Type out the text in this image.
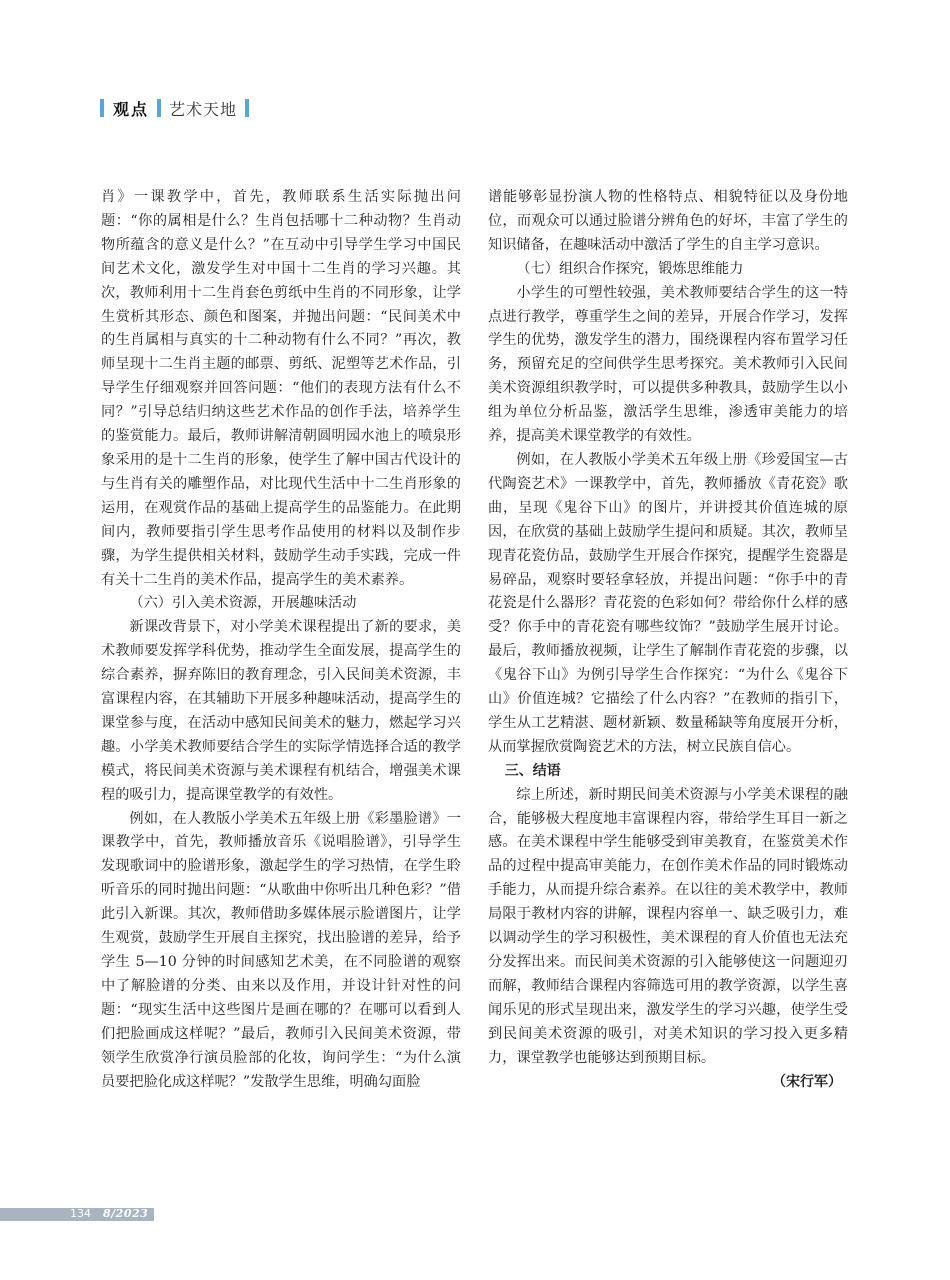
观点 艺术天地

肖》一课教学中，首先，教师联系生活实际抛出问题：“你的属相是什么？生肖包括哪十二种动物？生肖动物所蕴含的意义是什么？”在互动中引导学生学习中国民间艺术文化，激发学生对中国十二生肖的学习兴趣。其次，教师利用十二生肖套色剪纸中生肖的不同形象，让学生赏析其形态、颜色和图案，并抛出问题：“民间美术中的生肖属相与真实的十二种动物有什么不同？”再次，教师呈现十二生肖主题的邮票、剪纸、泥塑等艺术作品，引导学生仔细观察并回答问题：“他们的表现方法有什么不同？”引导总结归纳这些艺术作品的创作手法，培养学生的鉴赏能力。最后，教师讲解清朝圆明园水池上的喷泉形象采用的是十二生肖的形象，使学生了解中国古代设计的与生肖有关的雕塑作品，对比现代生活中十二生肖形象的运用，在观赏作品的基础上提高学生的品鉴能力。在此期间内，教师要指引学生思考作品使用的材料以及制作步骤，为学生提供相关材料，鼓励学生动手实践，完成一件有关十二生肖的美术作品，提高学生的美术素养。

（六）引入美术资源，开展趣味活动

新课改背景下，对小学美术课程提出了新的要求，美术教师要发挥学科优势，推动学生全面发展，提高学生的综合素养，摒弃陈旧的教育理念，引入民间美术资源，丰富课程内容，在其辅助下开展多种趣味活动，提高学生的课堂参与度，在活动中感知民间美术的魅力，燃起学习兴趣。小学美术教师要结合学生的实际学情选择合适的教学模式，将民间美术资源与美术课程有机结合，增强美术课程的吸引力，提高课堂教学的有效性。

例如，在人教版小学美术五年级上册《彩墨脸谱》一课教学中，首先，教师播放音乐《说唱脸谱》，引导学生发现歌词中的脸谱形象，激起学生的学习热情，在学生聆听音乐的同时抛出问题：“从歌曲中你听出几种色彩？”借此引入新课。其次，教师借助多媒体展示脸谱图片，让学生观赏，鼓励学生开展自主探究，找出脸谱的差异，给予学生 5—10 分钟的时间感知艺术美，在不同脸谱的观察中了解脸谱的分类、由来以及作用，并设计针对性的问题：“现实生活中这些图片是画在哪的？在哪可以看到人们把脸画成这样呢？”最后，教师引入民间美术资源，带领学生欣赏净行演员脸部的化妆，询问学生：“为什么演员要把脸化成这样呢？”发散学生思维，明确勾面脸

谱能够彰显扮演人物的性格特点、相貌特征以及身份地位，而观众可以通过脸谱分辨角色的好坏，丰富了学生的知识储备，在趣味活动中激活了学生的自主学习意识。

（七）组织合作探究，锻炼思维能力

小学生的可塑性较强，美术教师要结合学生的这一特点进行教学，尊重学生之间的差异，开展合作学习，发挥学生的优势，激发学生的潜力，围绕课程内容布置学习任务，预留充足的空间供学生思考探究。美术教师引入民间美术资源组织教学时，可以提供多种教具，鼓励学生以小组为单位分析品鉴，激活学生思维，渗透审美能力的培养，提高美术课堂教学的有效性。

例如，在人教版小学美术五年级上册《珍爱国宝—古代陶瓷艺术》一课教学中，首先，教师播放《青花瓷》歌曲，呈现《鬼谷下山》的图片，并讲授其价值连城的原因，在欣赏的基础上鼓励学生提问和质疑。其次，教师呈现青花瓷仿品，鼓励学生开展合作探究，提醒学生瓷器是易碎品，观察时要轻拿轻放，并提出问题：“你手中的青花瓷是什么器形？青花瓷的色彩如何？带给你什么样的感受？你手中的青花瓷有哪些纹饰？”鼓励学生展开讨论。最后，教师播放视频，让学生了解制作青花瓷的步骤，以《鬼谷下山》为例引导学生合作探究：“为什么《鬼谷下山》价值连城？它描绘了什么内容？”在教师的指引下，学生从工艺精湛、题材新颖、数量稀缺等角度展开分析，从而掌握欣赏陶瓷艺术的方法，树立民族自信心。

三、结语

综上所述，新时期民间美术资源与小学美术课程的融合，能够极大程度地丰富课程内容，带给学生耳目一新之感。在美术课程中学生能够受到审美教育，在鉴赏美术作品的过程中提高审美能力，在创作美术作品的同时锻炼动手能力，从而提升综合素养。在以往的美术教学中，教师局限于教材内容的讲解，课程内容单一、缺乏吸引力，难以调动学生的学习积极性，美术课程的育人价值也无法充分发挥出来。而民间美术资源的引入能够使这一问题迎刃而解，教师结合课程内容筛选可用的教学资源，以学生喜闻乐见的形式呈现出来，激发学生的学习兴趣，使学生受到民间美术资源的吸引，对美术知识的学习投入更多精力，课堂教学也能够达到预期目标。

（宋行军）

134 8/2023
